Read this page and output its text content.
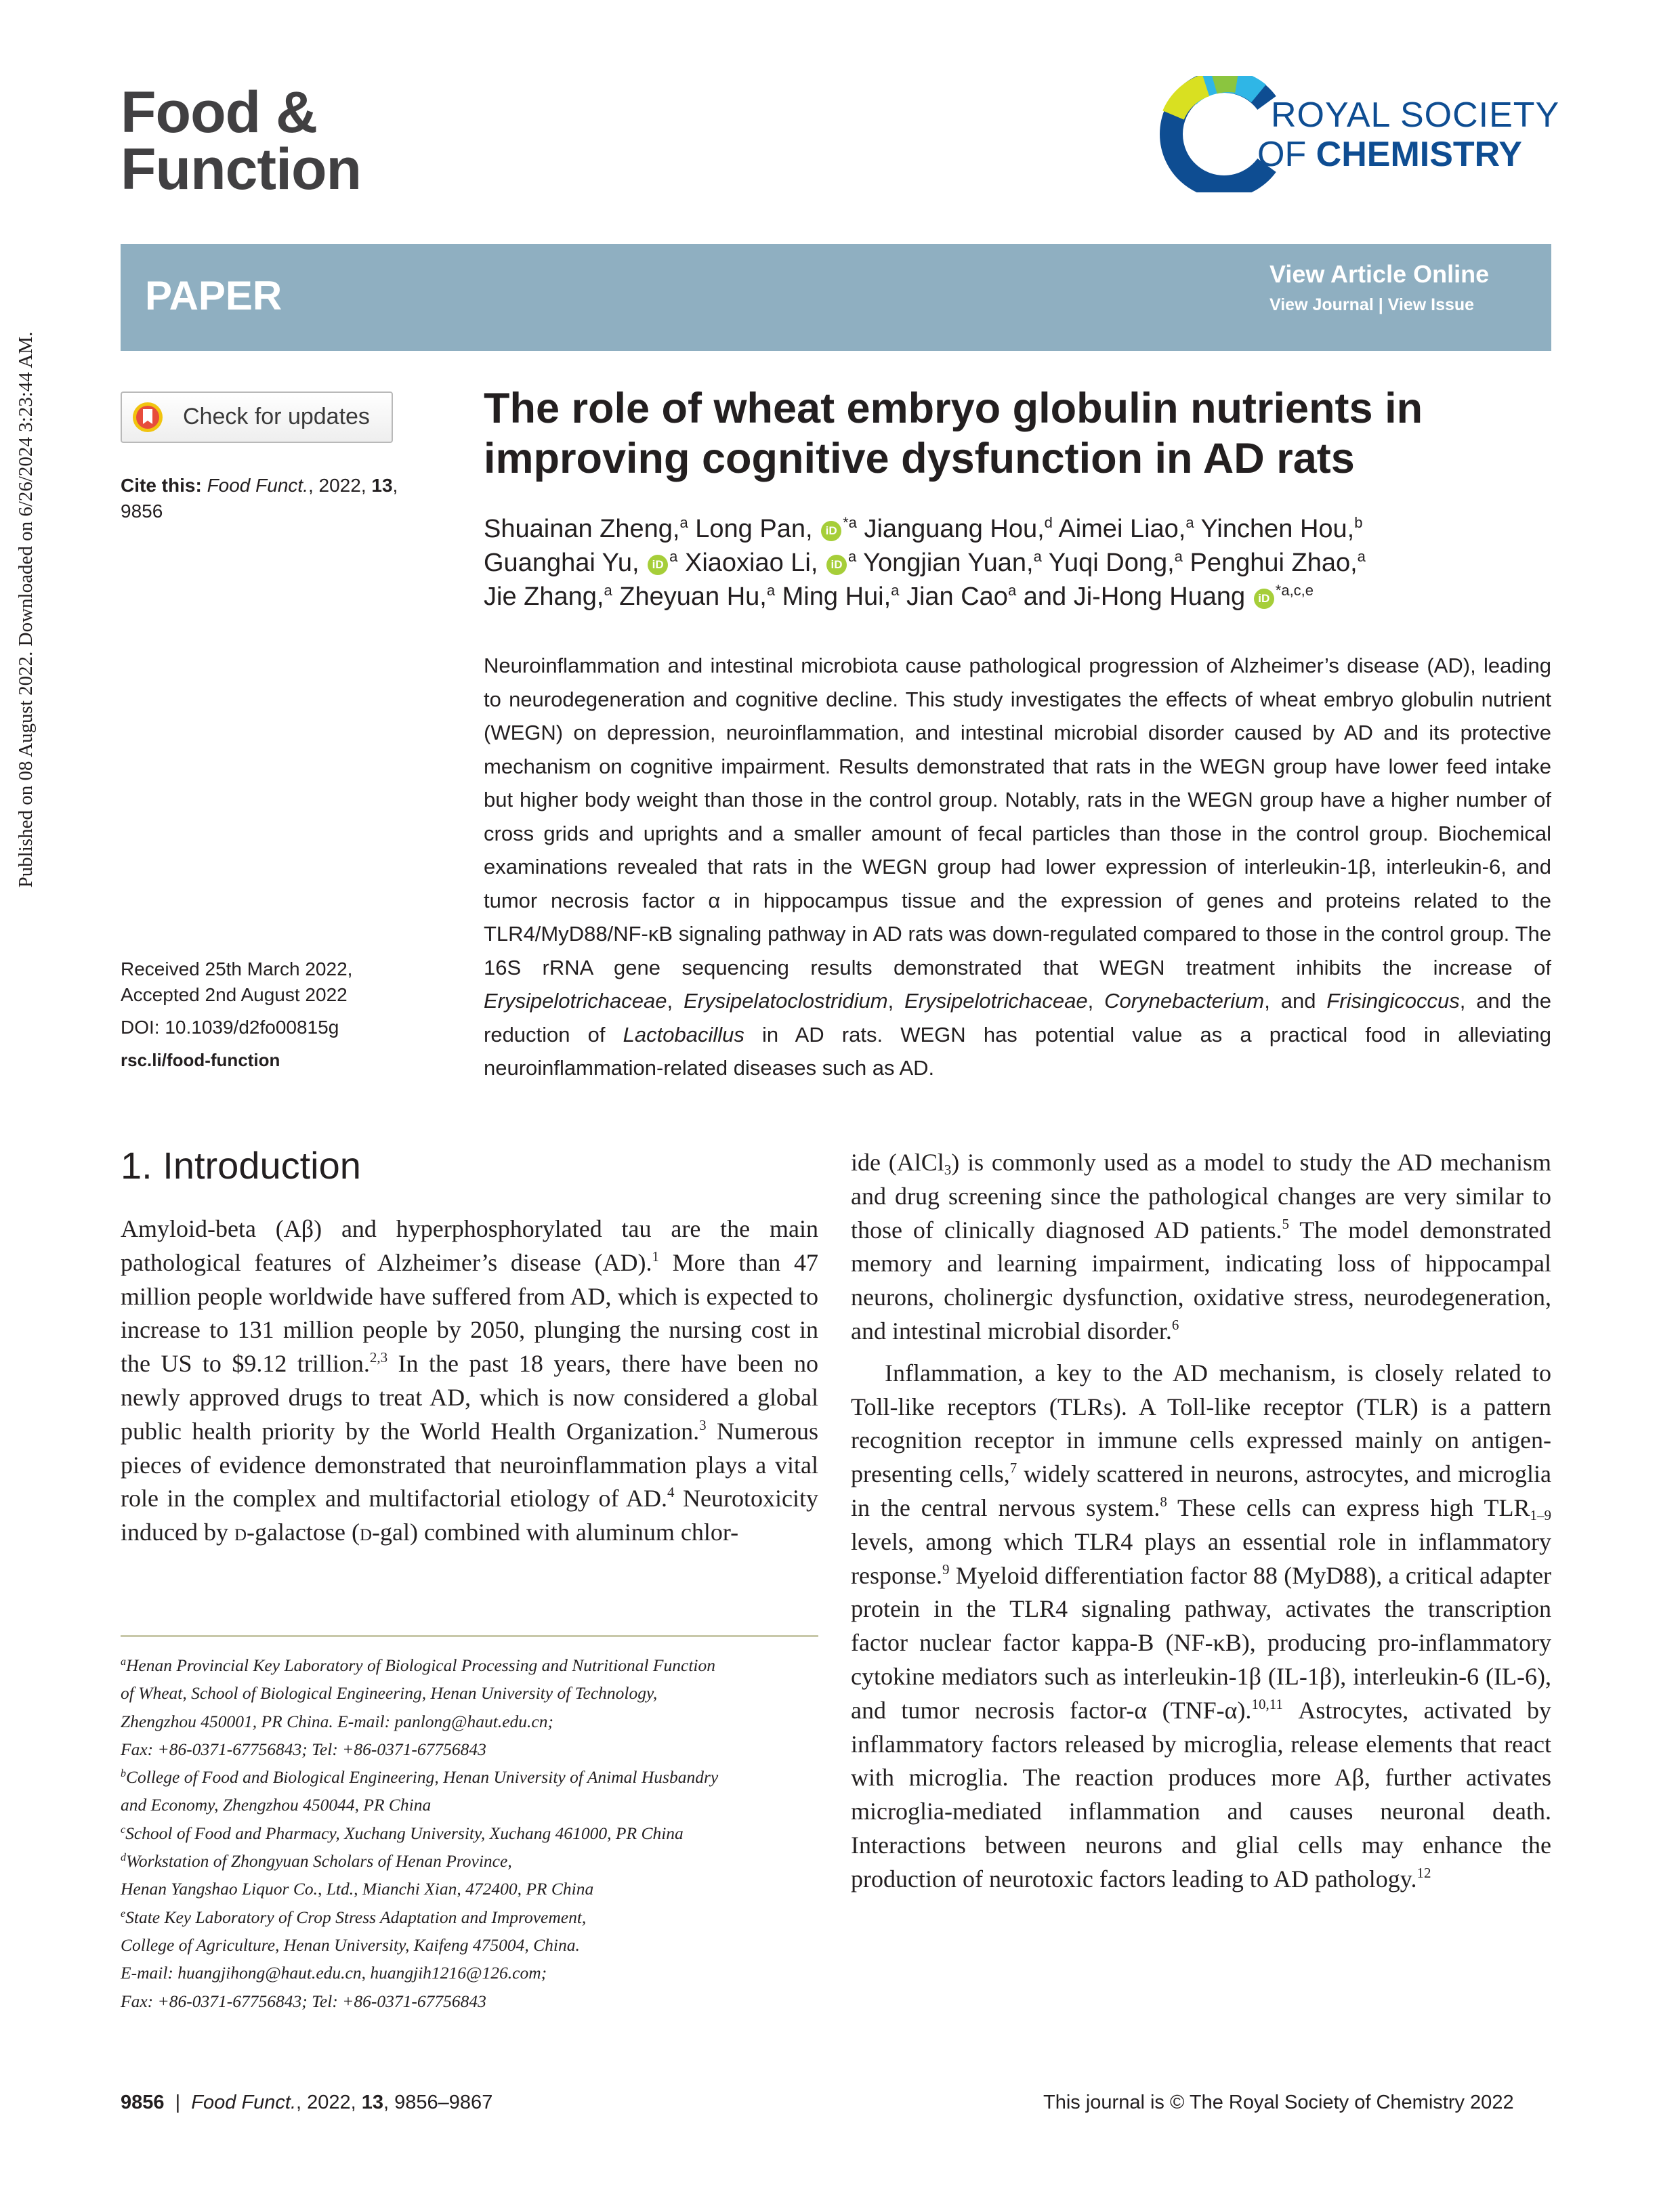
Published on 08 August 2022. Downloaded on 6/26/2024 3:23:44 AM.
Food &
Function
ROYAL SOCIETY
OF CHEMISTRY
PAPER	View Article Online
View Journal | View Issue
Check for updates
Cite this: Food Funct., 2022, 13,
9856
Received 25th March 2022,
Accepted 2nd August 2022
DOI: 10.1039/d2fo00815g
rsc.li/food-function
The role of wheat embryo globulin nutrients in improving cognitive dysfunction in AD rats
Shuainan Zheng,$^a$ Long Pan, iD $^{*a}$ Jianguang Hou,$^d$ Aimei Liao,$^a$ Yinchen Hou,$^b$
Guanghai Yu, iD $^a$ Xiaoxiao Li, iD $^a$ Yongjian Yuan,$^a$ Yuqi Dong,$^a$ Penghui Zhao,$^a$
Jie Zhang,$^a$ Zheyuan Hu,$^a$ Ming Hui,$^a$ Jian Cao$^a$ and Ji-Hong Huang iD $^{*a,c,e}$
Neuroinflammation and intestinal microbiota cause pathological progression of Alzheimer’s disease (AD), leading to neurodegeneration and cognitive decline. This study investigates the effects of wheat embryo globulin nutrient (WEGN) on depression, neuroinflammation, and intestinal microbial disorder caused by AD and its protective mechanism on cognitive impairment. Results demonstrated that rats in the WEGN group have lower feed intake but higher body weight than those in the control group. Notably, rats in the WEGN group have a higher number of cross grids and uprights and a smaller amount of fecal particles than those in the control group. Biochemical examinations revealed that rats in the WEGN group had lower expression of interleukin-1β, interleukin-6, and tumor necrosis factor α in hippocampus tissue and the expression of genes and proteins related to the TLR4/MyD88/NF-κB signaling pathway in AD rats was down-regulated compared to those in the control group. The 16S rRNA gene sequencing results demonstrated that WEGN treatment inhibits the increase of Erysipelotrichaceae, Erysipelatoclostridium, Erysipelotrichaceae, Corynebacterium, and Frisingicoccus, and the reduction of Lactobacillus in AD rats. WEGN has potential value as a practical food in alleviating neuroinflammation-related diseases such as AD.
1. Introduction

Amyloid-beta (Aβ) and hyperphosphorylated tau are the main pathological features of Alzheimer’s disease (AD).$^1$ More than 47 million people worldwide have suffered from AD, which is expected to increase to 131 million people by 2050, plunging the nursing cost in the US to $9.12 trillion.$^{2,3}$ In the past 18 years, there have been no newly approved drugs to treat AD, which is now considered a global public health priority by the World Health Organization.$^3$ Numerous pieces of evidence demonstrated that neuroinflammation plays a vital role in the complex and multifactorial etiology of AD.$^4$ Neurotoxicity induced by d-galactose (d-gal) combined with aluminum chlor-

ide (AlCl$_3$) is commonly used as a model to study the AD mechanism and drug screening since the pathological changes are very similar to those of clinically diagnosed AD patients.$^5$ The model demonstrated memory and learning impairment, indicating loss of hippocampal neurons, cholinergic dysfunction, oxidative stress, neurodegeneration, and intestinal microbial disorder.$^6$

Inflammation, a key to the AD mechanism, is closely related to Toll-like receptors (TLRs). A Toll-like receptor (TLR) is a pattern recognition receptor in immune cells expressed mainly on antigen-presenting cells,$^7$ widely scattered in neurons, astrocytes, and microglia in the central nervous system.$^8$ These cells can express high $TLR_{1-9}$ levels, among which TLR4 plays an essential role in inflammatory response.$^9$ Myeloid differentiation factor 88 (MyD88), a critical adapter protein in the TLR4 signaling pathway, activates the transcription factor nuclear factor kappa-B (NF-κB), producing pro-inflammatory cytokine mediators such as interleukin-1β (IL-1β), interleukin-6 (IL-6), and tumor necrosis factor-α (TNF-α).$^{10,11}$ Astrocytes, activated by inflammatory factors released by microglia, release elements that react with microglia. The reaction produces more Aβ, further activates microglia-mediated inflammation and causes neuronal death. Interactions between neurons and glial cells may enhance the production of neurotoxic factors leading to AD pathology.$^{12}$

$^a$Henan Provincial Key Laboratory of Biological Processing and Nutritional Function
of Wheat, School of Biological Engineering, Henan University of Technology,
Zhengzhou 450001, PR China. E-mail: panlong@haut.edu.cn;
Fax: +86-0371-67756843; Tel: +86-0371-67756843
$^b$College of Food and Biological Engineering, Henan University of Animal Husbandry
and Economy, Zhengzhou 450044, PR China
$^c$School of Food and Pharmacy, Xuchang University, Xuchang 461000, PR China
$^d$Workstation of Zhongyuan Scholars of Henan Province,
Henan Yangshao Liquor Co., Ltd., Mianchi Xian, 472400, PR China
$^e$State Key Laboratory of Crop Stress Adaptation and Improvement,
College of Agriculture, Henan University, Kaifeng 475004, China.
E-mail: huangjihong@haut.edu.cn, huangjih1216@126.com;
Fax: +86-0371-67756843; Tel: +86-0371-67756843
9856  |  Food Funct., 2022, 13, 9856–9867	This journal is © The Royal Society of Chemistry 2022
